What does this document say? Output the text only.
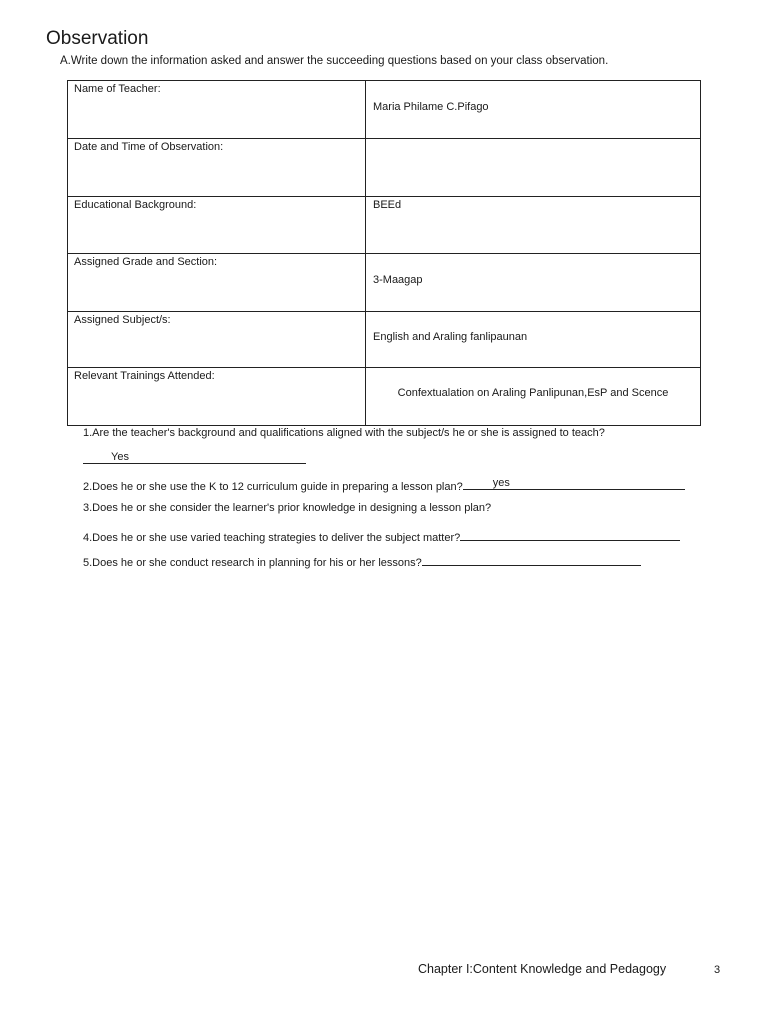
Observation
A.Write down the information asked and answer the succeeding questions based on your class observation.
Name of Teacher:	Maria Philame C.Pifago

Date and Time of Observation:	

Educational Background:	BEEd

Assigned Grade and Section:	3-Maagap

Assigned Subject/s:	English and Araling fanlipaunan

Relevant Trainings Attended:	Confextualation on Araling Panlipunan,EsP and Scence
1.Are the teacher's background and qualifications aligned with the subject/s he or she is assigned to teach?
Yes
2.Does he or she use the K to 12 curriculum guide in preparing a lesson plan?	yes
3.Does he or she consider the learner's prior knowledge in designing a lesson plan?
4.Does he or she use varied teaching strategies to deliver the subject matter?
5.Does he or she conduct research in planning for his or her lessons?
Chapter I:Content Knowledge and Pedagogy	3
